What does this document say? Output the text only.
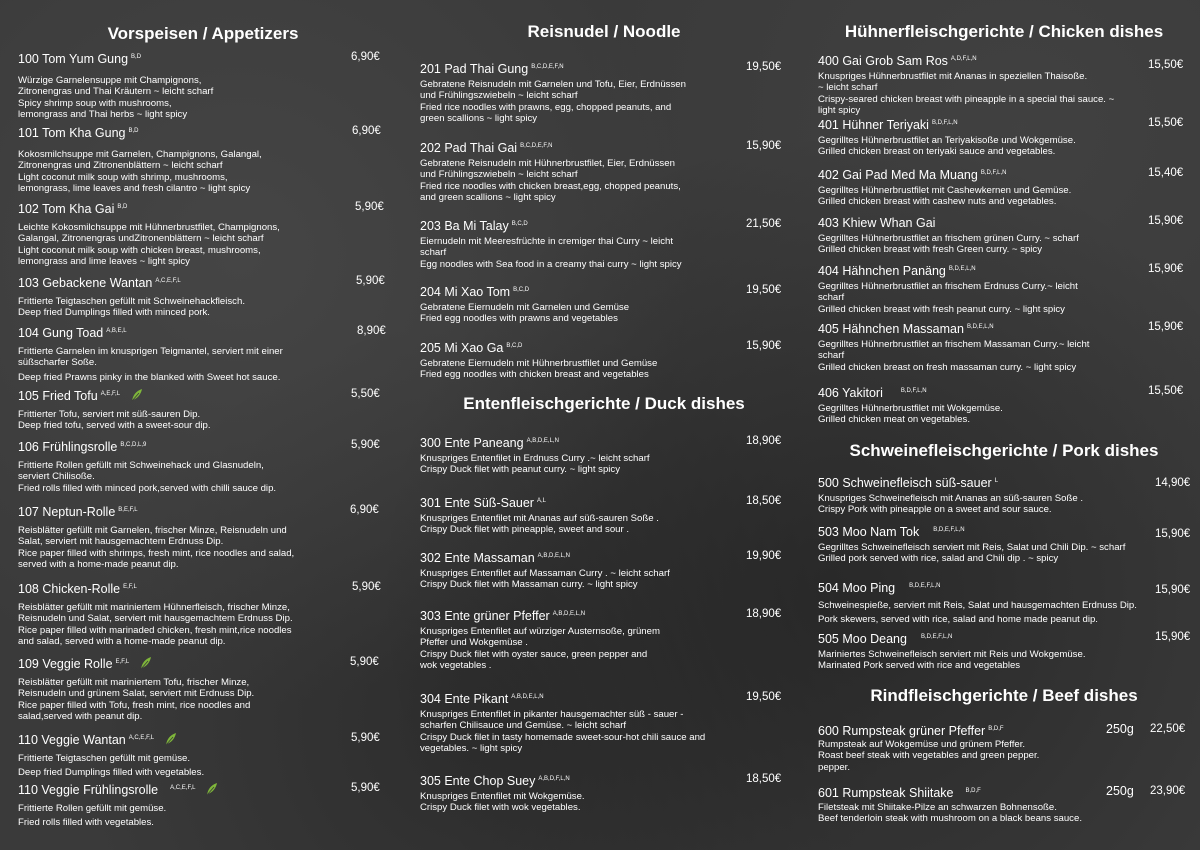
Vorspeisen / Appetizers
100 Tom Yum Gung $^{B,D}$	6,90€
Würzige Garnelensuppe mit Champignons,
Zitronengras und Thai Kräutern ~ leicht scharf
Spicy shrimp soup with mushrooms,
lemongrass and Thai herbs ~ light spicy
101 Tom Kha Gung $^{B,D}$	6,90€
Kokosmilchsuppe mit Garnelen, Champignons, Galangal,
Zitronengras und Zitronenblättern ~ leicht scharf
Light coconut milk soup with shrimp, mushrooms,
lemongrass, lime leaves and fresh cilantro ~ light spicy
102 Tom Kha Gai $^{B,D}$	5,90€
Leichte Kokosmilchsuppe mit Hühnerbrustfilet, Champignons,
Galangal, Zitronengras undZitronenblättern ~ leicht scharf
Light coconut milk soup with chicken breast, mushrooms,
lemongrass and lime leaves ~ light spicy
103 Gebackene Wantan $^{A,C,E,F,L}$	5,90€
Frittierte Teigtaschen gefüllt mit Schweinehackfleisch.
Deep fried Dumplings filled with minced pork.
104 Gung Toad $^{A,B,E,L}$	8,90€
Frittierte Garnelen im knusprigen Teigmantel, serviert mit einer
süßscharfer Soße.
Deep fried Prawns pinky in the blanked with Sweet hot sauce.
105 Fried Tofu $^{A,E,F,L}$	5,50€
Frittierter Tofu, serviert mit süß-sauren Dip.
Deep fried tofu, served with a sweet-sour dip.
106 Frühlingsrolle $^{B,C,D,L,9}$	5,90€
Frittierte Rollen gefüllt mit Schweinehack und Glasnudeln,
serviert Chilisoße.
Fried rolls filled with minced pork,served with chilli sauce dip.
107 Neptun-Rolle $^{B,E,F,L}$	6,90€
Reisblätter gefüllt mit Garnelen, frischer Minze, Reisnudeln und
Salat, serviert mit hausgemachtem Erdnuss Dip.
Rice paper filled with shrimps, fresh mint, rice noodles and salad,
served with a home-made peanut dip.
108 Chicken-Rolle $^{E,F,L}$	5,90€
Reisblätter gefüllt mit mariniertem Hühnerfleisch, frischer Minze,
Reisnudeln und Salat, serviert mit hausgemachtem Erdnuss Dip.
Rice paper filled with marinaded chicken, fresh mint,rice noodles
and salad, served with a home-made peanut dip.
109 Veggie Rolle $^{E,F,L}$	5,90€
Reisblätter gefüllt mit mariniertem Tofu, frischer Minze,
Reisnudeln und grünem Salat, serviert mit Erdnuss Dip.
Rice paper filled with Tofu, fresh mint, rice noodles and
salad,served with peanut dip.
110 Veggie Wantan $^{A,C,E,F,L}$	5,90€
Frittierte Teigtaschen gefüllt mit gemüse.
Deep fried Dumplings filled with vegetables.
110 Veggie Frühlingsrolle $^{A,C,E,F,L}$	5,90€
Frittierte Rollen gefüllt mit gemüse.
Fried rolls filled with vegetables.
Reisnudel / Noodle
201 Pad Thai Gung $^{B,C,D,E,F,N}$	19,50€
Gebratene Reisnudeln mit Garnelen und Tofu, Eier, Erdnüssen
und Frühlingszwiebeln ~ leicht scharf
Fried rice noodles with prawns, egg, chopped peanuts, and
green scallions ~ light spicy
202 Pad Thai Gai $^{B,C,D,E,F,N}$	15,90€
Gebratene Reisnudeln mit Hühnerbrustfilet, Eier, Erdnüssen
und Frühlingszwiebeln ~ leicht scharf
Fried rice noodles with chicken breast,egg, chopped peanuts,
and green scallions ~ light spicy
203 Ba Mi Talay $^{B,C,D}$	21,50€
Eiernudeln mit Meeresfrüchte in cremiger thai Curry ~ leicht
scharf
Egg noodles with Sea food in a creamy thai curry ~ light spicy
204 Mi Xao Tom $^{B,C,D}$	19,50€
Gebratene Eiernudeln mit Garnelen und Gemüse
Fried egg noodles with prawns and vegetables
205 Mi Xao Ga $^{B,C,D}$	15,90€
Gebratene Eiernudeln mit Hühnerbrustfilet und Gemüse
Fried egg noodles with chicken breast and vegetables
Entenfleischgerichte / Duck dishes
300 Ente Paneang $^{A,B,D,E,L,N}$	18,90€
Knuspriges Entenfilet in Erdnuss Curry .~ leicht scharf
Crispy Duck filet with peanut curry. ~ light spicy
301 Ente Süß-Sauer $^{A,L}$	18,50€
Knuspriges Entenfilet mit Ananas auf süß-sauren Soße .
Crispy Duck filet with pineapple, sweet and sour .
302 Ente Massaman $^{A,B,D,E,L,N}$	19,90€
Knuspriges Entenfilet auf Massaman Curry . ~ leicht scharf
Crispy Duck filet with Massaman curry. ~ light spicy
303 Ente grüner Pfeffer $^{A,B,D,E,L,N}$	18,90€
Knuspriges Entenfilet auf würziger Austernsoße, grünem
Pfeffer und Wokgemüse .
Crispy Duck filet with oyster sauce, green pepper and
wok vegetables .
304 Ente Pikant $^{A,B,D,E,L,N}$	19,50€
Knuspriges Entenfilet in pikanter hausgemachter süß - sauer -
scharfen Chilisauce und Gemüse. ~ leicht scharf
Crispy Duck filet in tasty homemade sweet-sour-hot chili sauce and
vegetables. ~ light spicy
305 Ente Chop Suey $^{A,B,D,F,L,N}$	18,50€
Knuspriges Entenfilet mit Wokgemüse.
Crispy Duck filet with wok vegetables.
Hühnerfleischgerichte / Chicken dishes
400 Gai Grob Sam Ros $^{A,D,F,L,N}$	15,50€
Knuspriges Hühnerbrustfilet mit Ananas in speziellen Thaisoße.
~ leicht scharf
Crispy-seared chicken breast with pineapple in a special thai sauce. ~
light spicy
401 Hühner Teriyaki $^{B,D,F,L,N}$	15,50€
Gegrilltes Hühnerbrustfilet an Teriyakisoße und Wokgemüse.
Grilled chicken breast on teriyaki sauce and vegetables.
402 Gai Pad Med Ma Muang $^{B,D,F,L,N}$	15,40€
Gegrilltes Hühnerbrustfilet mit Cashewkernen und Gemüse.
Grilled chicken breast with cashew nuts and vegetables.
403 Khiew Whan Gai	15,90€
Gegrilltes Hühnerbrustfilet an frischem grünen Curry. ~ scharf
Grilled chicken breast with fresh Green curry. ~ spicy
404 Hähnchen Panäng $^{B,D,E,L,N}$	15,90€
Gegrilltes Hühnerbrustfilet an frischem Erdnuss Curry.~ leicht
scharf
Grilled chicken breast with fresh peanut curry. ~ light spicy
405 Hähnchen Massaman $^{B,D,E,L,N}$	15,90€
Gegrilltes Hühnerbrustfilet an frischem Massaman Curry.~ leicht
scharf
Grilled chicken breast on fresh massaman curry. ~ light spicy
406 Yakitori	$^{B,D,F,L,N}$	15,50€
Gegrilltes Hühnerbrustfilet mit Wokgemüse.
Grilled chicken meat on vegetables.
Schweinefleischgerichte / Pork dishes
500 Schweinefleisch süß-sauer $^L$	14,90€
Knuspriges Schweinefleisch mit Ananas an süß-sauren Soße .
Crispy Pork with pineapple on a sweet and sour sauce.
503 Moo Nam Tok $^{B,D,E,F,L,N}$	15,90€
Gegrilltes Schweinefleisch serviert mit Reis, Salat und Chili Dip. ~ scharf
Grilled pork served with rice, salad and Chili dip . ~ spicy
504 Moo Ping $^{B,D,E,F,L,N}$	15,90€
Schweinespieße, serviert mit Reis, Salat und hausgemachten Erdnuss Dip.
Pork skewers, served with rice, salad and home made peanut dip.
505 Moo Deang $^{B,D,E,F,L,N}$	15,90€
Mariniertes Schweinefleisch serviert mit Reis und Wokgemüse.
Marinated Pork served with rice and vegetables
Rindfleischgerichte / Beef dishes
600 Rumpsteak grüner Pfeffer $^{B,D,F}$	250g 22,50€
Rumpsteak auf Wokgemüse und grünem Pfeffer.
Roast beef steak with vegetables and green pepper.
pepper.
601 Rumpsteak Shiitake $^{B,D,F}$	250g 23,90€
Filetsteak mit Shiitake-Pilze an schwarzen Bohnensoße.
Beef tenderloin steak with mushroom on a black beans sauce.
